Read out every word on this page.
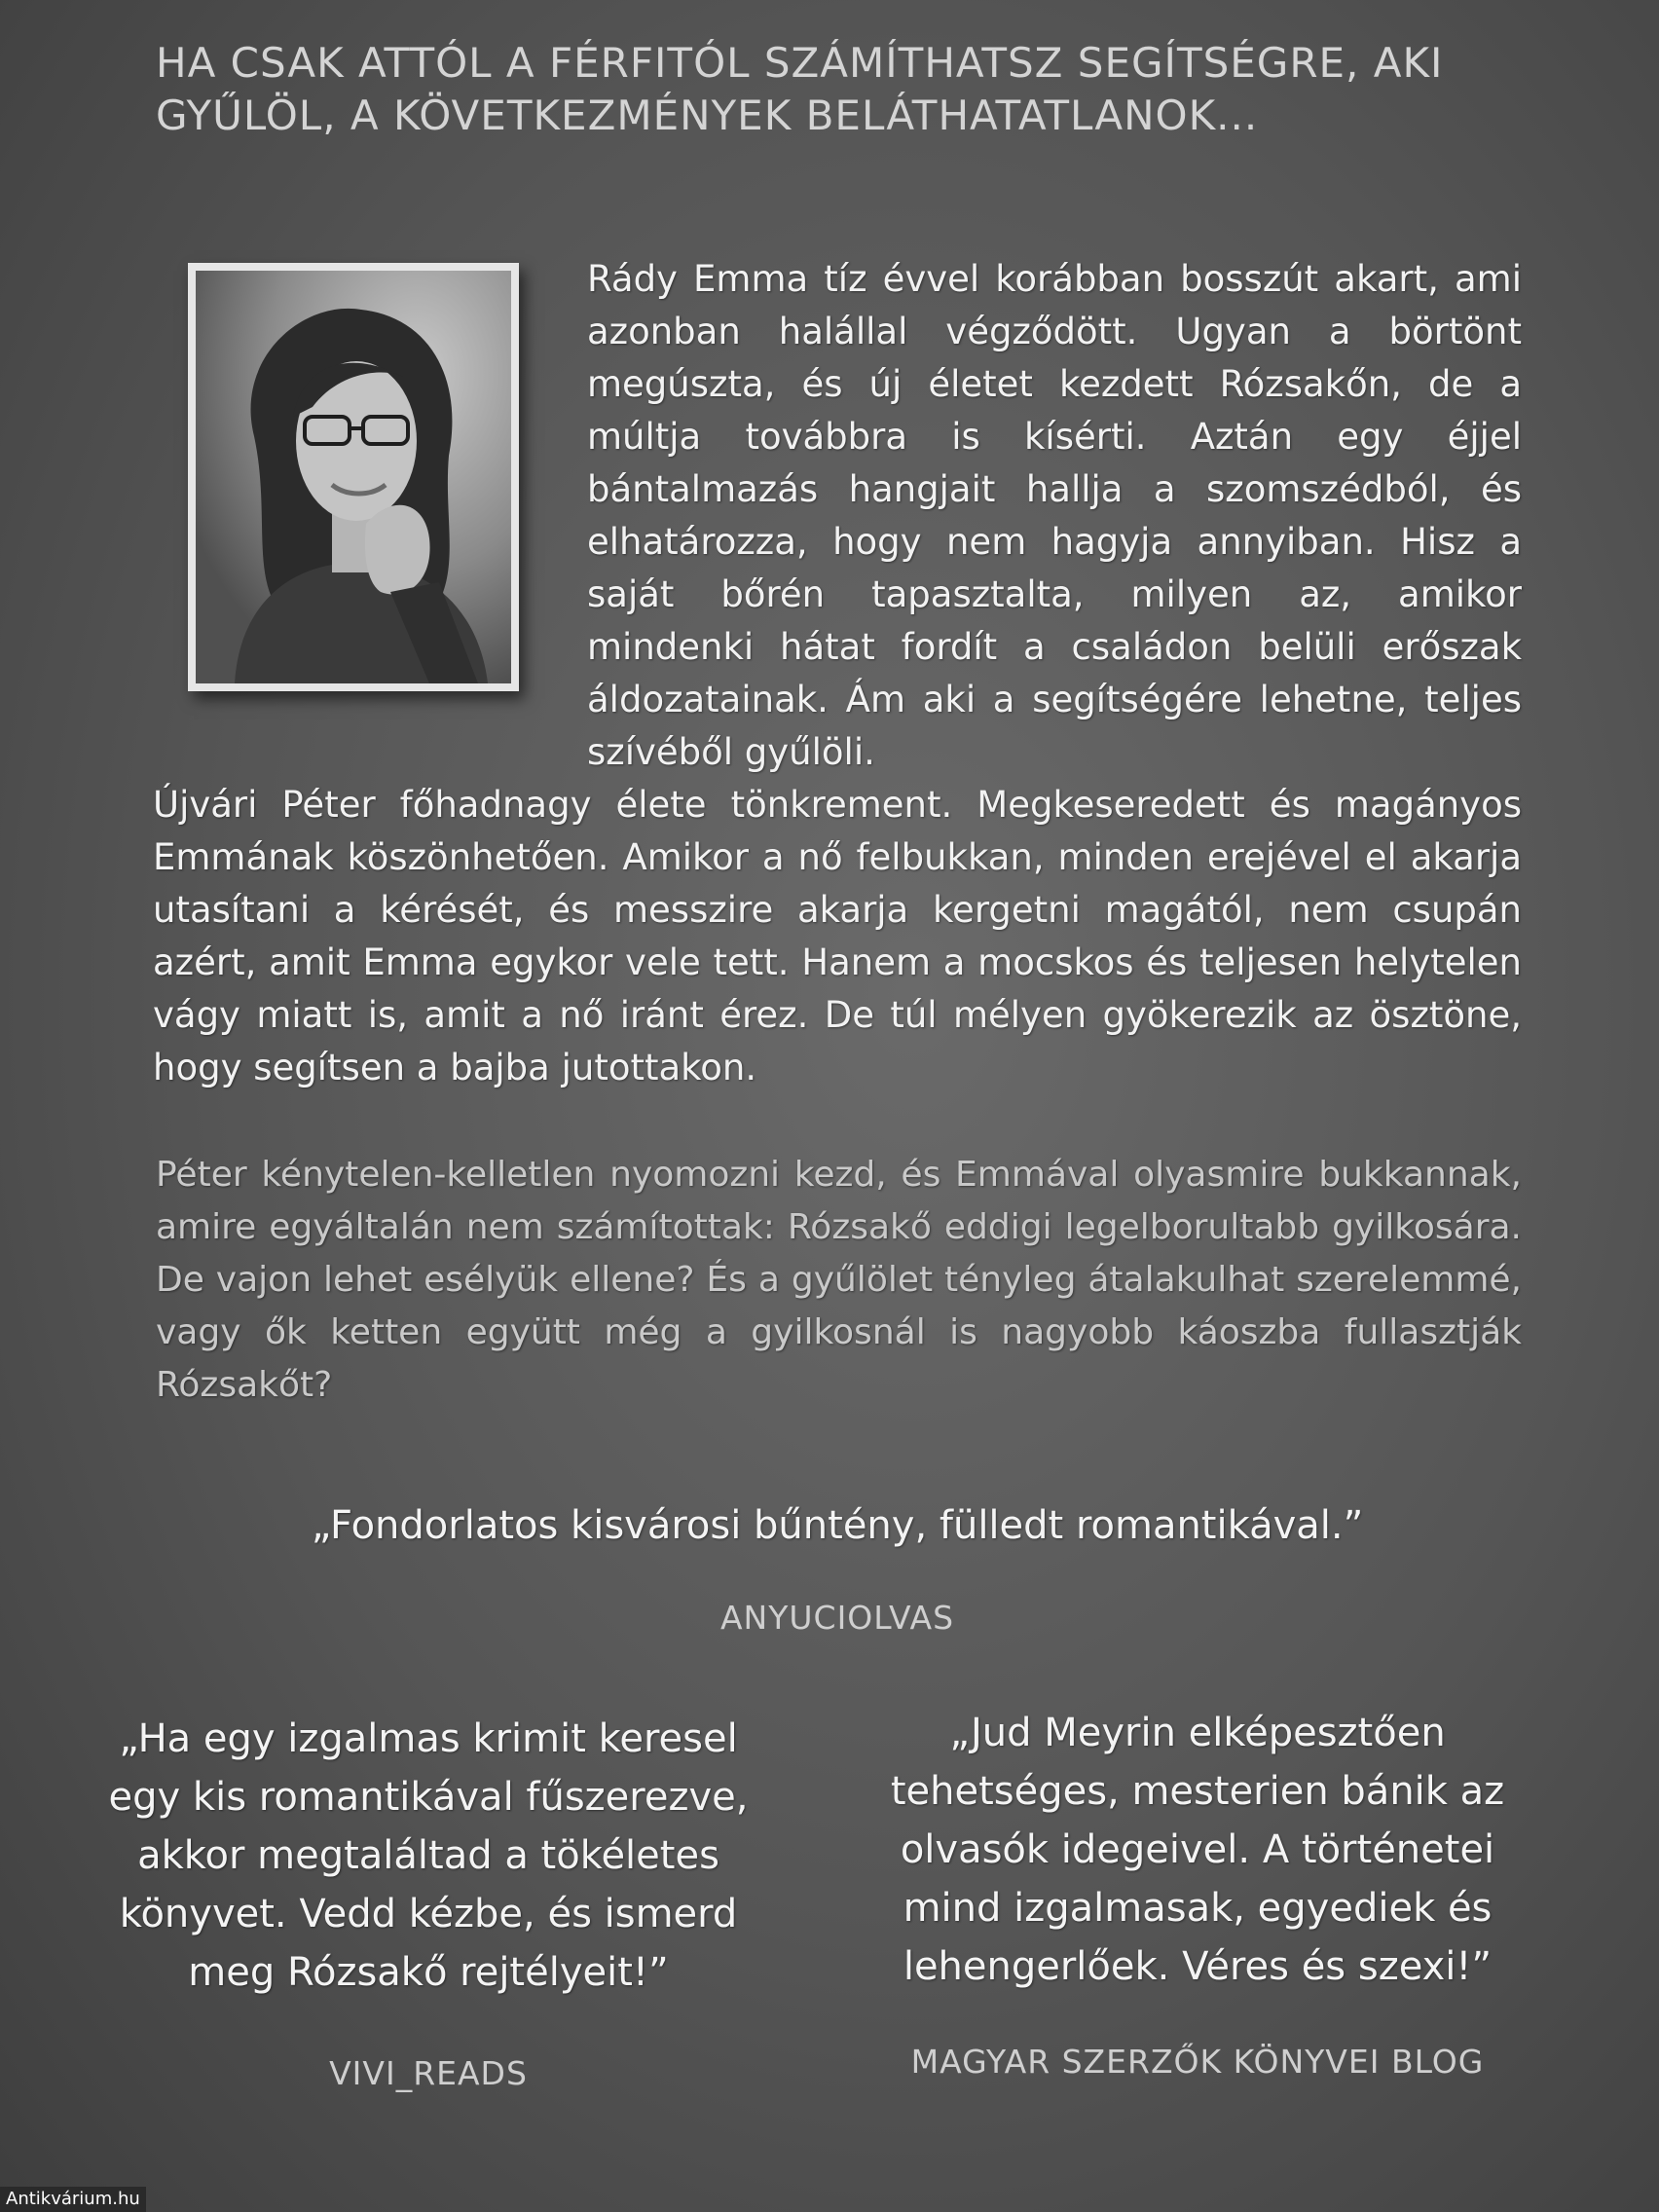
HA CSAK ATTÓL A FÉRFITÓL SZÁMÍTHATSZ SEGÍTSÉGRE, AKI GYŰLÖL, A KÖVETKEZMÉNYEK BELÁTHATATLANOK...

Rády Emma tíz évvel korábban bosszút akart, ami azonban halállal végződött. Ugyan a börtönt megúszta, és új életet kezdett Rózsakőn, de a múltja továbbra is kísérti. Aztán egy éjjel bántalmazás hangjait hallja a szomszédból, és elhatározza, hogy nem hagyja annyiban. Hisz a saját bőrén tapasztalta, milyen az, amikor mindenki hátat fordít a családon belüli erőszak áldozatainak. Ám aki a segítségére lehetne, teljes szívéből gyűlöli.

Újvári Péter főhadnagy élete tönkrement. Megkeseredett és magányos Emmának köszönhetően. Amikor a nő felbukkan, minden erejével el akarja utasítani a kérését, és messzire akarja kergetni magától, nem csupán azért, amit Emma egykor vele tett. Hanem a mocskos és teljesen helytelen vágy miatt is, amit a nő iránt érez. De túl mélyen gyökerezik az ösztöne, hogy segítsen a bajba jutottakon.

Péter kénytelen-kelletlen nyomozni kezd, és Emmával olyasmire bukkannak, amire egyáltalán nem számítottak: Rózsakő eddigi legelborultabb gyilkosára. De vajon lehet esélyük ellene? És a gyűlölet tényleg átalakulhat szerelemmé, vagy ők ketten együtt még a gyilkosnál is nagyobb káoszba fullasztják Rózsakőt?

„Fondorlatos kisvárosi bűntény, fülledt romantikával.”

ANYUCIOLVAS

„Ha egy izgalmas krimit keresel egy kis romantikával fűszerezve, akkor megtaláltad a tökéletes könyvet. Vedd kézbe, és ismerd meg Rózsakő rejtélyeit!”

VIVI_READS

„Jud Meyrin elképesztően tehetséges, mesterien bánik az olvasók idegeivel. A történetei mind izgalmasak, egyediek és lehengerlőek. Véres és szexi!”

MAGYAR SZERZŐK KÖNYVEI BLOG

Antikvárium.hu
